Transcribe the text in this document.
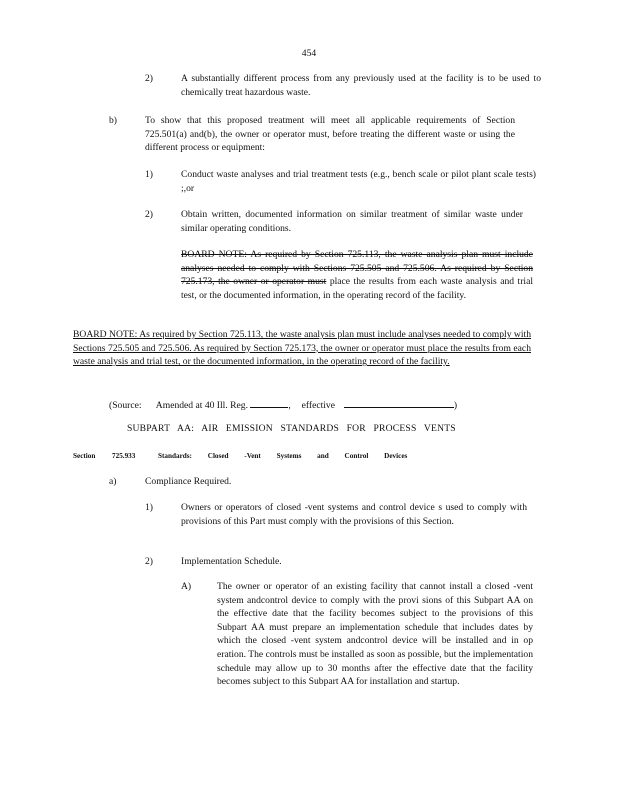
454
2)	A substantially different process from any previously used at the facility is to be used to chemically treat hazardous waste.
b)	To show that this proposed treatment will meet all applicable requirements of Section 725.501(a) and(b), the owner or operator must, before treating the different waste or using the different process or equipment:
1)	Conduct waste analyses and trial treatment tests (e.g., bench scale or pilot plant scale tests) ;,or
2)	Obtain written, documented information on similar treatment of similar waste under similar operating conditions.
BOARD NOTE: As required by Section 725.113, the waste analysis plan must include analyses needed to comply with Sections 725.505 and 725.506. As required by Section 725.173, the owner or operator must place the results from each waste analysis and trial test, or the documented information, in the operating record of the facility.
BOARD NOTE: As required by Section 725.113, the waste analysis plan must include analyses needed to comply with Sections 725.505 and 725.506. As required by Section 725.173, the owner or operator must place the results from each waste analysis and trial test, or the documented information, in the operating record of the facility.
(Source: Amended at 40 Ill. Reg.	, effective	)
SUBPART AA: AIR EMISSION STANDARDS FOR PROCESS VENTS
Section 725.933	Standards: Closed -Vent Systems and Control Devices
a)	Compliance Required.
1)	Owners or operators of closed -vent systems and control device s used to comply with provisions of this Part must comply with the provisions of this Section.
2)	Implementation Schedule.
A)	The owner or operator of an existing facility that cannot install a closed -vent system andcontrol device to comply with the provi sions of this Subpart AA on the effective date that the facility becomes subject to the provisions of this Subpart AA must prepare an implementation schedule that includes dates by which the closed -vent system andcontrol device will be installed and in op eration. The controls must be installed as soon as possible, but the implementation schedule may allow up to 30 months after the effective date that the facility becomes subject to this Subpart AA for installation and startup.
